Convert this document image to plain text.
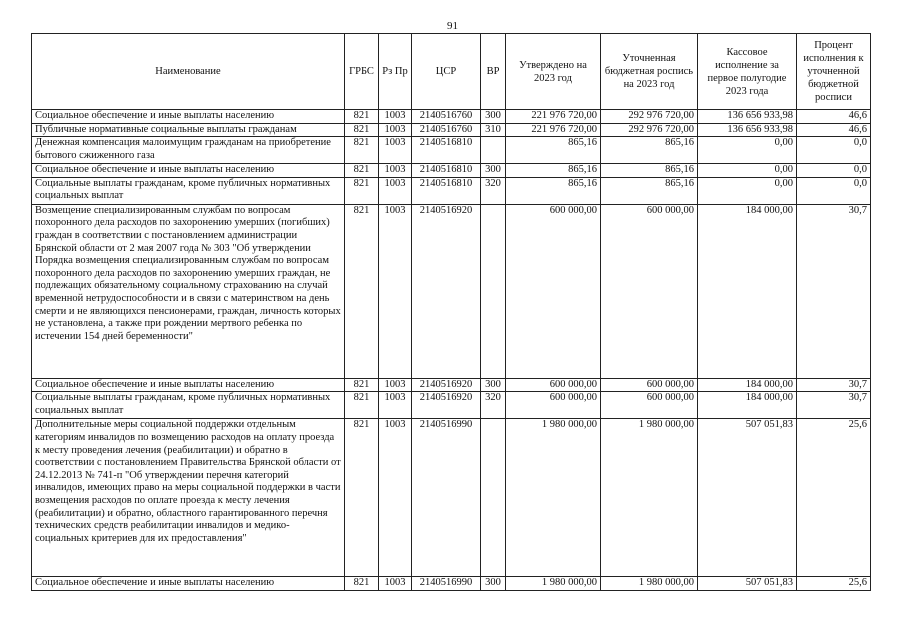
91
Наименование	ГРБС	Рз Пр	ЦСР	ВР	Утверждено на 2023 год	Уточненная бюджетная роспись на 2023 год	Кассовое исполнение за первое полугодие 2023 года	Процент исполнения к уточненной бюджетной росписи
Социальное обеспечение и иные выплаты населению	821	1003	2140516760	300	221 976 720,00	292 976 720,00	136 656 933,98	46,6
Публичные нормативные социальные выплаты гражданам	821	1003	2140516760	310	221 976 720,00	292 976 720,00	136 656 933,98	46,6
Денежная компенсация малоимущим гражданам на приобретение бытового сжиженного газа	821	1003	2140516810		865,16	865,16	0,00	0,0
Социальное обеспечение и иные выплаты населению	821	1003	2140516810	300	865,16	865,16	0,00	0,0
Социальные выплаты гражданам, кроме публичных нормативных социальных выплат	821	1003	2140516810	320	865,16	865,16	0,00	0,0
Возмещение специализированным службам по вопросам похоронного дела расходов по захоронению умерших (погибших) граждан в соответствии с постановлением администрации Брянской области от 2 мая 2007 года № 303 "Об утверждении Порядка возмещения специализированным службам по вопросам похоронного дела расходов по захоронению умерших граждан, не подлежащих обязательному социальному страхованию на случай временной нетрудоспособности и в связи с материнством на день смерти и не являющихся пенсионерами, граждан, личность которых не установлена, а также при рождении мертвого ребенка по истечении 154 дней беременности"	821	1003	2140516920		600 000,00	600 000,00	184 000,00	30,7
Социальное обеспечение и иные выплаты населению	821	1003	2140516920	300	600 000,00	600 000,00	184 000,00	30,7
Социальные выплаты гражданам, кроме публичных нормативных социальных выплат	821	1003	2140516920	320	600 000,00	600 000,00	184 000,00	30,7
Дополнительные меры социальной поддержки отдельным категориям инвалидов по возмещению расходов на оплату проезда к месту проведения лечения (реабилитации) и обратно в соответствии с постановлением Правительства Брянской области от 24.12.2013 № 741-п "Об утверждении перечня категорий инвалидов, имеющих право на меры социальной поддержки в части возмещения расходов по оплате проезда к месту лечения (реабилитации) и обратно, областного гарантированного перечня технических средств реабилитации инвалидов и медико-социальных критериев для их предоставления"	821	1003	2140516990		1 980 000,00	1 980 000,00	507 051,83	25,6
Социальное обеспечение и иные выплаты населению	821	1003	2140516990	300	1 980 000,00	1 980 000,00	507 051,83	25,6
